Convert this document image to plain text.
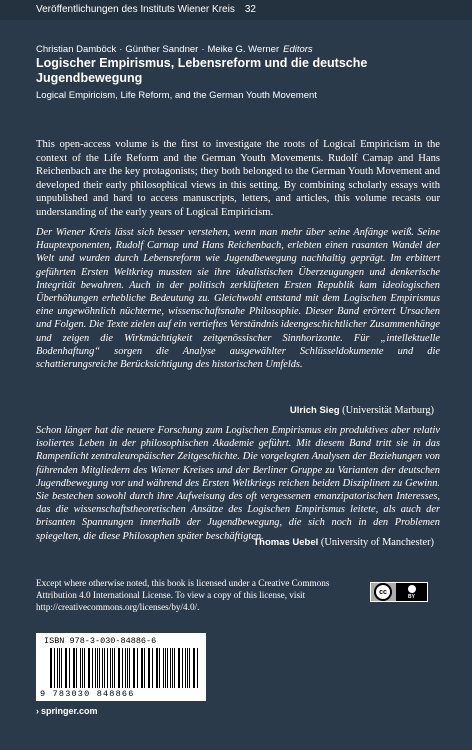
Veröffentlichungen des Instituts Wiener Kreis 32
Christian Damböck · Günther Sandner · Meike G. Werner Editors
Logischer Empirismus, Lebensreform und die deutsche Jugendbewegung
Logical Empiricism, Life Reform, and the German Youth Movement
This open-access volume is the first to investigate the roots of Logical Empiricism in the context of the Life Reform and the German Youth Movements. Rudolf Carnap and Hans Reichenbach are the key protagonists; they both belonged to the German Youth Movement and developed their early philosophical views in this setting. By combining scholarly essays with unpublished and hard to access manuscripts, letters, and articles, this volume recasts our understanding of the early years of Logical Empiricism.
Der Wiener Kreis lässt sich besser verstehen, wenn man mehr über seine Anfänge weiß. Seine Hauptexponenten, Rudolf Carnap und Hans Reichenbach, erlebten einen rasanten Wandel der Welt und wurden durch Lebensreform wie Jugendbewegung nachhaltig geprägt. Im erbittert geführten Ersten Weltkrieg mussten sie ihre idealistischen Überzeugungen und denkerische Integrität bewahren. Auch in der politisch zerklüfteten Ersten Republik kam ideologischen Überhöhungen erhebliche Bedeutung zu. Gleichwohl entstand mit dem Logischen Empirismus eine ungewöhnlich nüchterne, wissenschaftsnahe Philosophie. Dieser Band erörtert Ursachen und Folgen. Die Texte zielen auf ein vertieftes Verständnis ideengeschichtlicher Zusammenhänge und zeigen die Wirkmächtigkeit zeitgenössischer Sinnhorizonte. Für „intellektuelle Bodenhaftung“ sorgen die Analyse ausgewählter Schlüsseldokumente und die schattierungsreiche Berücksichtigung des historischen Umfelds.
Ulrich Sieg (Universität Marburg)
Schon länger hat die neuere Forschung zum Logischen Empirismus ein produktives aber relativ isoliertes Leben in der philosophischen Akademie geführt. Mit diesem Band tritt sie in das Rampenlicht zentraleuropäischer Zeitgeschichte. Die vorgelegten Analysen der Beziehungen von führenden Mitgliedern des Wiener Kreises und der Berliner Gruppe zu Varianten der deutschen Jugendbewegung vor und während des Ersten Weltkriegs reichen beiden Disziplinen zu Gewinn. Sie bestechen sowohl durch ihre Aufweisung des oft vergessenen emanzipatorischen Interesses, das die wissenschaftstheoretischen Ansätze des Logischen Empirismus leitete, als auch der brisanten Spannungen innerhalb der Jugendbewegung, die sich noch in den Problemen spiegelten, die diese Philosophen später beschäftigten.
Thomas Uebel (University of Manchester)
Except where otherwise noted, this book is licensed under a Creative Commons Attribution 4.0 International License. To view a copy of this license, visit http://creativecommons.org/licenses/by/4.0/.
cc
BY
ISBN 978-3-030-84886-6
9 783030 848866
› springer.com
